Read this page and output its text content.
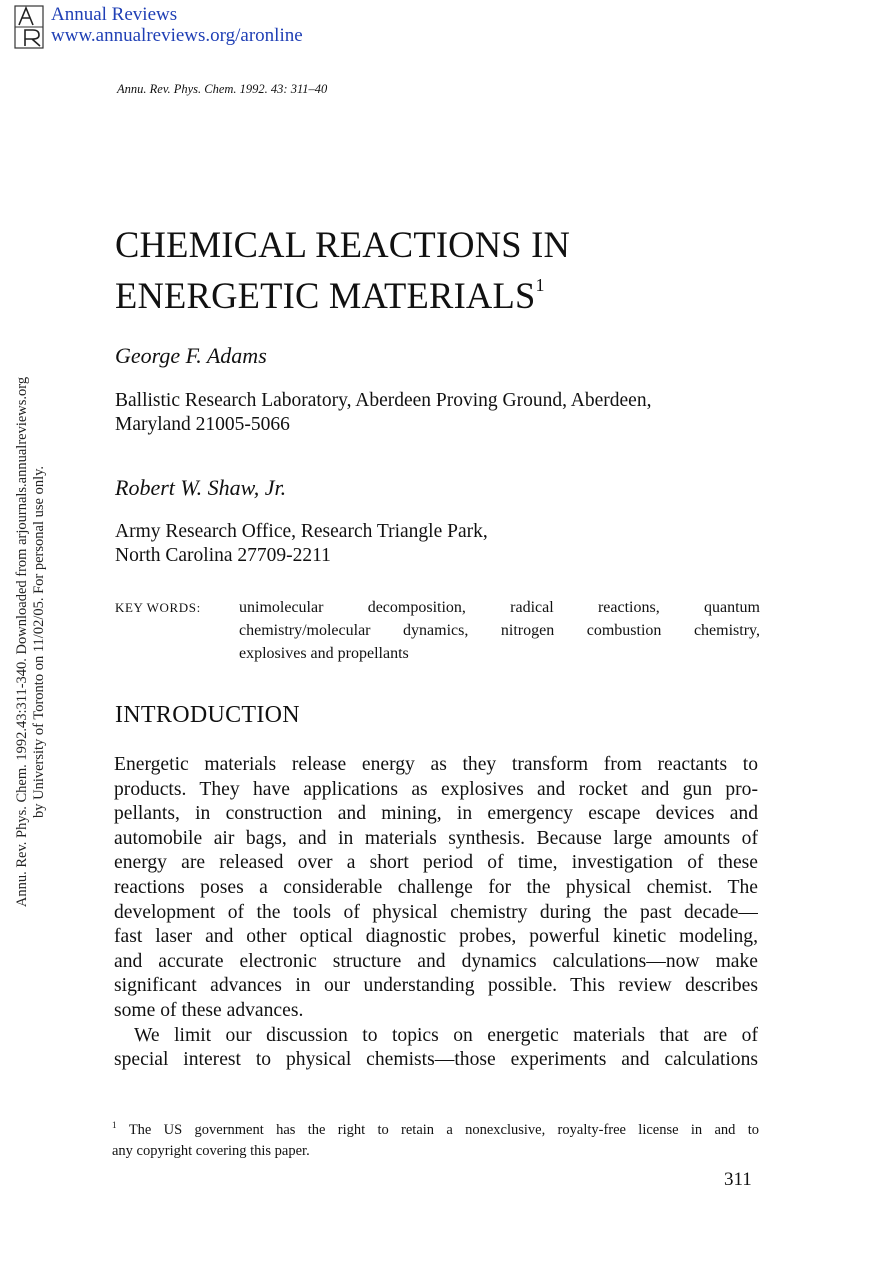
Annual Reviews
www.annualreviews.org/aronline
Annu. Rev. Phys. Chem. 1992. 43: 311–40
Annu. Rev. Phys. Chem. 1992.43:311-340. Downloaded from arjournals.annualreviews.org by University of Toronto on 11/02/05. For personal use only.
CHEMICAL REACTIONS IN
ENERGETIC MATERIALS$^1$
George F. Adams
Ballistic Research Laboratory, Aberdeen Proving Ground, Aberdeen,
Maryland 21005-5066
Robert W. Shaw, Jr.
Army Research Office, Research Triangle Park,
North Carolina 27709-2211
KEY WORDS: unimolecular decomposition, radical reactions, quantum
chemistry/molecular dynamics, nitrogen combustion chemistry,
explosives and propellants
INTRODUCTION
Energetic materials release energy as they transform from reactants to
products. They have applications as explosives and rocket and gun pro-
pellants, in construction and mining, in emergency escape devices and
automobile air bags, and in materials synthesis. Because large amounts of
energy are released over a short period of time, investigation of these
reactions poses a considerable challenge for the physical chemist. The
development of the tools of physical chemistry during the past decade—
fast laser and other optical diagnostic probes, powerful kinetic modeling,
and accurate electronic structure and dynamics calculations—now make
significant advances in our understanding possible. This review describes
some of these advances.
We limit our discussion to topics on energetic materials that are of
special interest to physical chemists—those experiments and calculations
$^1$ The US government has the right to retain a nonexclusive, royalty-free license in and to
any copyright covering this paper.
311
